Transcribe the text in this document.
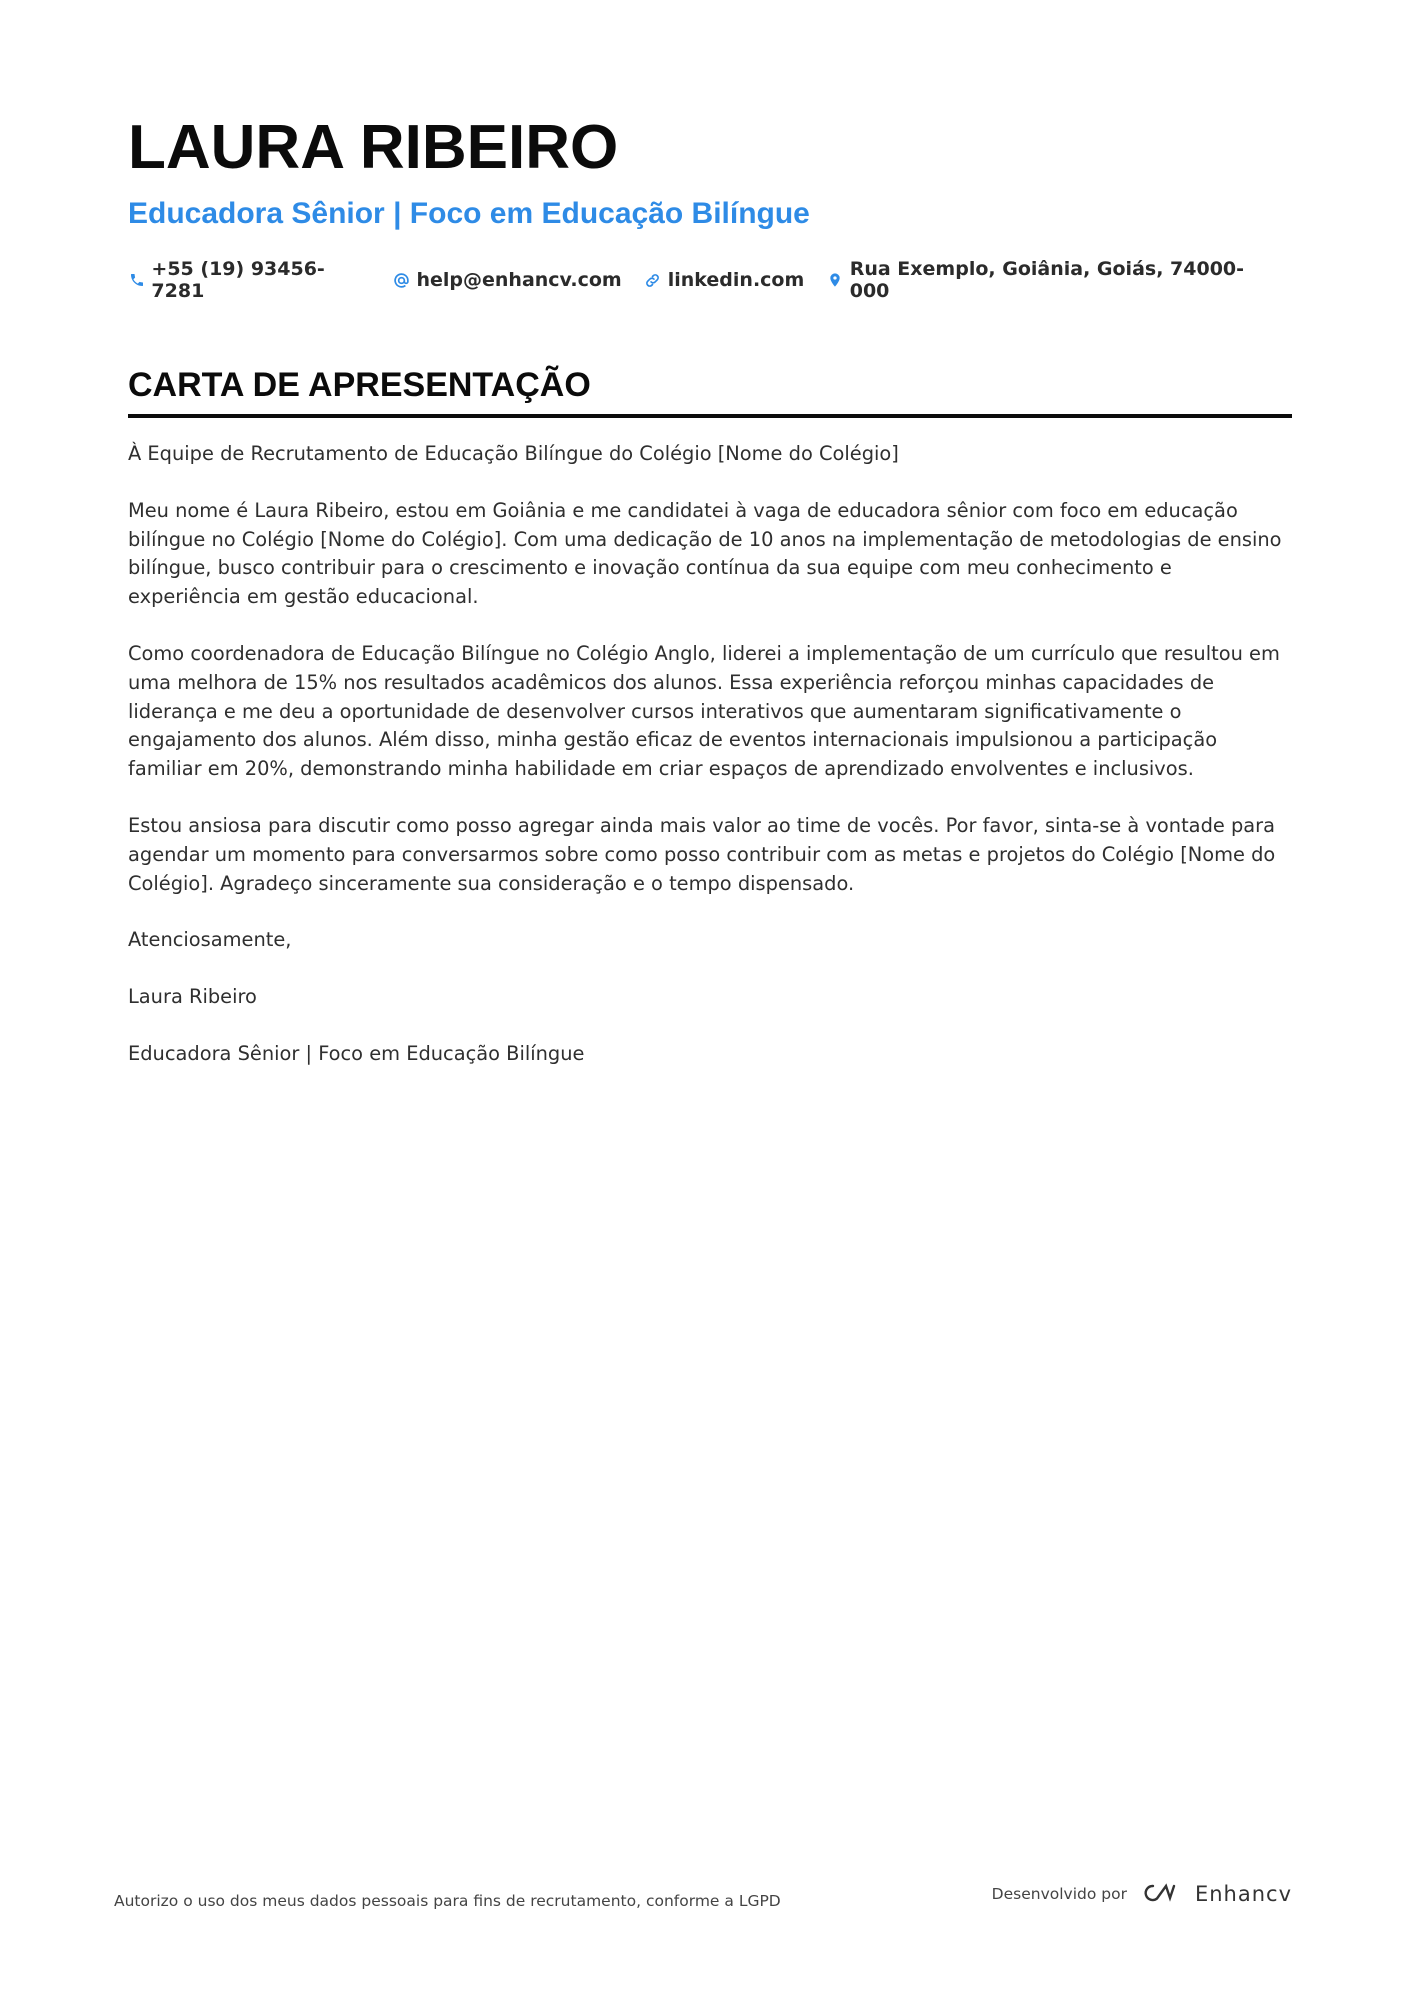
LAURA RIBEIRO
Educadora Sênior | Foco em Educação Bilíngue
+55 (19) 93456-7281	help@enhancv.com linkedin.com Rua Exemplo, Goiânia, Goiás, 74000-000
CARTA DE APRESENTAÇÃO

À Equipe de Recrutamento de Educação Bilíngue do Colégio [Nome do Colégio]

Meu nome é Laura Ribeiro, estou em Goiânia e me candidatei à vaga de educadora sênior com foco em educação bilíngue no Colégio [Nome do Colégio]. Com uma dedicação de 10 anos na implementação de metodologias de ensino bilíngue, busco contribuir para o crescimento e inovação contínua da sua equipe com meu conhecimento e experiência em gestão educacional.

Como coordenadora de Educação Bilíngue no Colégio Anglo, liderei a implementação de um currículo que resultou em uma melhora de 15% nos resultados acadêmicos dos alunos. Essa experiência reforçou minhas capacidades de liderança e me deu a oportunidade de desenvolver cursos interativos que aumentaram significativamente o engajamento dos alunos. Além disso, minha gestão eficaz de eventos internacionais impulsionou a participação familiar em 20%, demonstrando minha habilidade em criar espaços de aprendizado envolventes e inclusivos.

Estou ansiosa para discutir como posso agregar ainda mais valor ao time de vocês. Por favor, sinta-se à vontade para agendar um momento para conversarmos sobre como posso contribuir com as metas e projetos do Colégio [Nome do Colégio]. Agradeço sinceramente sua consideração e o tempo dispensado.

Atenciosamente,

Laura Ribeiro

Educadora Sênior | Foco em Educação Bilíngue

Autorizo o uso dos meus dados pessoais para fins de recrutamento, conforme a LGPD	Desenvolvido por	Enhancv
